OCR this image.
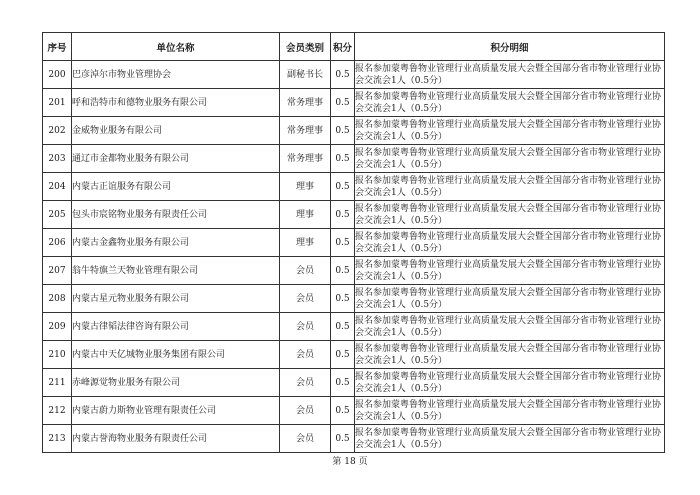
序号	单位名称	会员类别	积分	积分明细
200	巴彦淖尔市物业管理协会	副秘书长	0.5	报名参加蒙粤鲁物业管理行业高质量发展大会暨全国部分省市物业管理行业协会交流会1人（0.5分）
201	呼和浩特市和德物业服务有限公司	常务理事	0.5	报名参加蒙粤鲁物业管理行业高质量发展大会暨全国部分省市物业管理行业协会交流会1人（0.5分）
202	金威物业服务有限公司	常务理事	0.5	报名参加蒙粤鲁物业管理行业高质量发展大会暨全国部分省市物业管理行业协会交流会1人（0.5分）
203	通辽市金都物业服务有限公司	常务理事	0.5	报名参加蒙粤鲁物业管理行业高质量发展大会暨全国部分省市物业管理行业协会交流会1人（0.5分）
204	内蒙古正谊服务有限公司	理事	0.5	报名参加蒙粤鲁物业管理行业高质量发展大会暨全国部分省市物业管理行业协会交流会1人（0.5分）
205	包头市宸铭物业服务有限责任公司	理事	0.5	报名参加蒙粤鲁物业管理行业高质量发展大会暨全国部分省市物业管理行业协会交流会1人（0.5分）
206	内蒙古金鑫物业服务有限公司	理事	0.5	报名参加蒙粤鲁物业管理行业高质量发展大会暨全国部分省市物业管理行业协会交流会1人（0.5分）
207	翁牛特旗兰天物业管理有限公司	会员	0.5	报名参加蒙粤鲁物业管理行业高质量发展大会暨全国部分省市物业管理行业协会交流会1人（0.5分）
208	内蒙古星元物业服务有限公司	会员	0.5	报名参加蒙粤鲁物业管理行业高质量发展大会暨全国部分省市物业管理行业协会交流会1人（0.5分）
209	内蒙古律韬法律咨询有限公司	会员	0.5	报名参加蒙粤鲁物业管理行业高质量发展大会暨全国部分省市物业管理行业协会交流会1人（0.5分）
210	内蒙古中天亿城物业服务集团有限公司	会员	0.5	报名参加蒙粤鲁物业管理行业高质量发展大会暨全国部分省市物业管理行业协会交流会1人（0.5分）
211	赤峰源觉物业服务有限公司	会员	0.5	报名参加蒙粤鲁物业管理行业高质量发展大会暨全国部分省市物业管理行业协会交流会1人（0.5分）
212	内蒙古蔚力斯物业管理有限责任公司	会员	0.5	报名参加蒙粤鲁物业管理行业高质量发展大会暨全国部分省市物业管理行业协会交流会1人（0.5分）
213	内蒙古誉海物业服务有限责任公司	会员	0.5	报名参加蒙粤鲁物业管理行业高质量发展大会暨全国部分省市物业管理行业协会交流会1人（0.5分）
第 18 页
